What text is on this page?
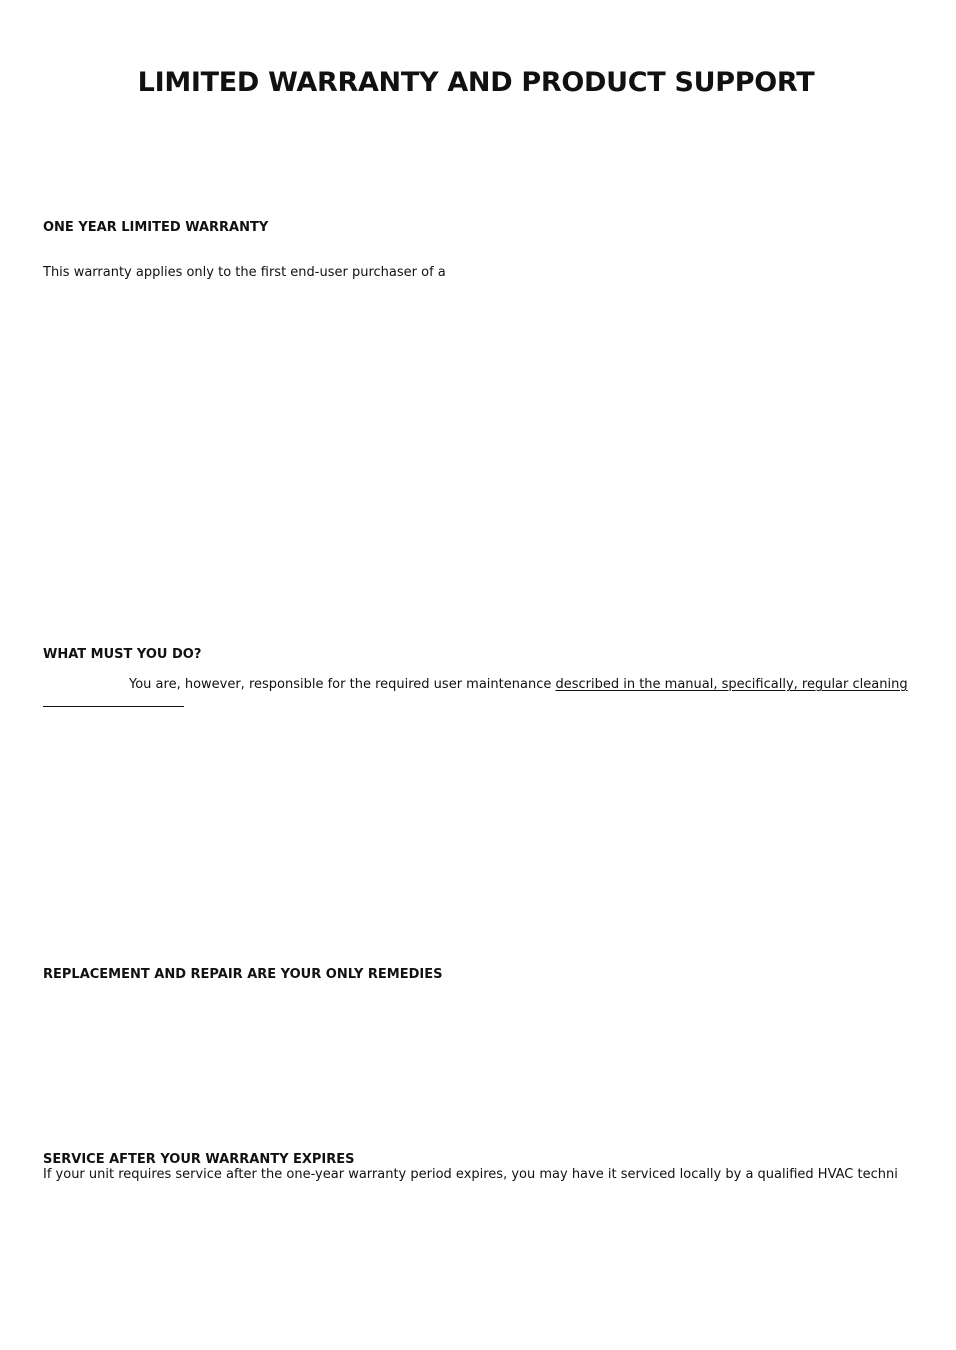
LIMITED WARRANTY AND PRODUCT SUPPORT
ONE YEAR LIMITED WARRANTY

This warranty applies only to the first end-user purchaser of a

WHAT MUST YOU DO?

You are, however, responsible for the required user maintenance described in the manual, specifically, regular cleaning

REPLACEMENT AND REPAIR ARE YOUR ONLY REMEDIES
SERVICE AFTER YOUR WARRANTY EXPIRES

If your unit requires service after the one-year warranty period expires, you may have it serviced locally by a qualified HVAC techni
